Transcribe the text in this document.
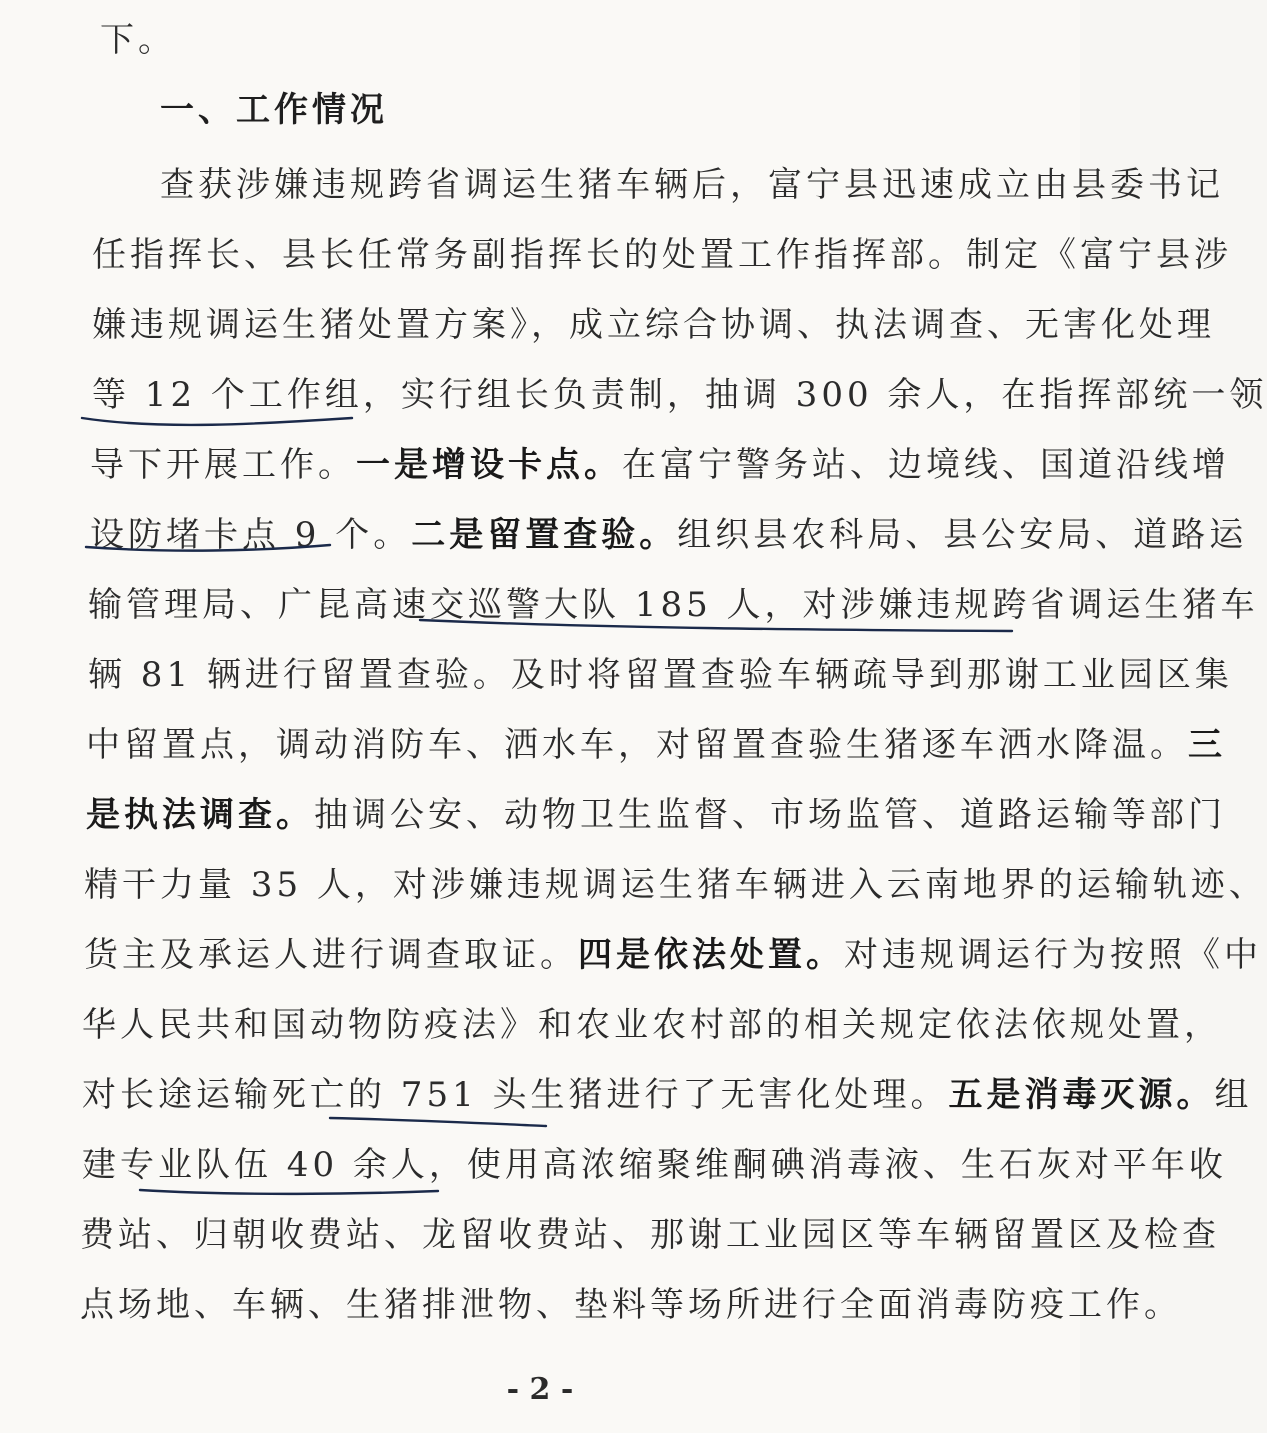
下。
一、工作情况
查获涉嫌违规跨省调运生猪车辆后，富宁县迅速成立由县委书记
任指挥长、县长任常务副指挥长的处置工作指挥部。制定《富宁县涉
嫌违规调运生猪处置方案》，成立综合协调、执法调查、无害化处理
等 12 个工作组，实行组长负责制，抽调 300 余人，在指挥部统一领
导下开展工作。一是增设卡点。在富宁警务站、边境线、国道沿线增
设防堵卡点 9 个。二是留置查验。组织县农科局、县公安局、道路运
输管理局、广昆高速交巡警大队 185 人，对涉嫌违规跨省调运生猪车
辆 81 辆进行留置查验。及时将留置查验车辆疏导到那谢工业园区集
中留置点，调动消防车、洒水车，对留置查验生猪逐车洒水降温。三
是执法调查。抽调公安、动物卫生监督、市场监管、道路运输等部门
精干力量 35 人，对涉嫌违规调运生猪车辆进入云南地界的运输轨迹、
货主及承运人进行调查取证。四是依法处置。对违规调运行为按照《中
华人民共和国动物防疫法》和农业农村部的相关规定依法依规处置，
对长途运输死亡的 751 头生猪进行了无害化处理。五是消毒灭源。组
建专业队伍 40 余人，使用高浓缩聚维酮碘消毒液、生石灰对平年收
费站、归朝收费站、龙留收费站、那谢工业园区等车辆留置区及检查
点场地、车辆、生猪排泄物、垫料等场所进行全面消毒防疫工作。
- 2 -
